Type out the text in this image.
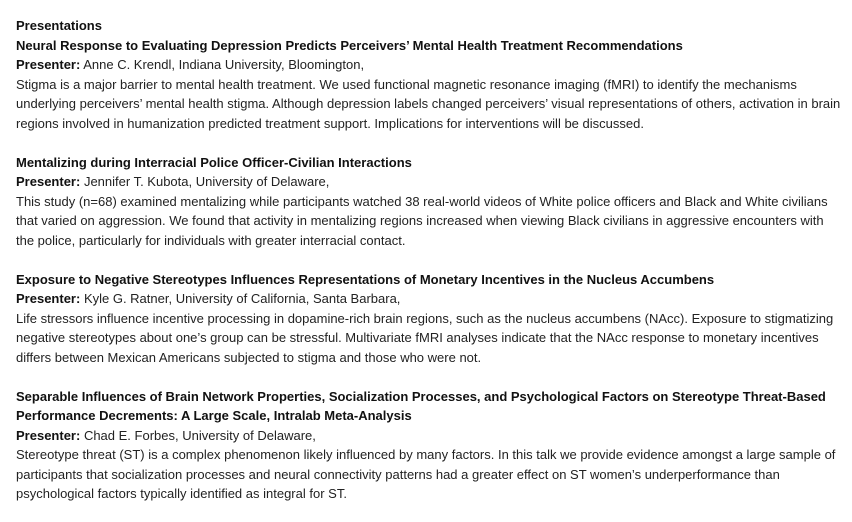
Presentations
Neural Response to Evaluating Depression Predicts Perceivers’ Mental Health Treatment Recommendations
Presenter: Anne C. Krendl, Indiana University, Bloomington,

Stigma is a major barrier to mental health treatment. We used functional magnetic resonance imaging (fMRI) to identify the mechanisms underlying perceivers’ mental health stigma. Although depression labels changed perceivers’ visual representations of others, activation in brain regions involved in humanization predicted treatment support. Implications for interventions will be discussed.

Mentalizing during Interracial Police Officer-Civilian Interactions
Presenter: Jennifer T. Kubota, University of Delaware,

This study (n=68) examined mentalizing while participants watched 38 real-world videos of White police officers and Black and White civilians that varied on aggression. We found that activity in mentalizing regions increased when viewing Black civilians in aggressive encounters with the police, particularly for individuals with greater interracial contact.

Exposure to Negative Stereotypes Influences Representations of Monetary Incentives in the Nucleus Accumbens
Presenter: Kyle G. Ratner, University of California, Santa Barbara,

Life stressors influence incentive processing in dopamine-rich brain regions, such as the nucleus accumbens (NAcc). Exposure to stigmatizing negative stereotypes about one’s group can be stressful. Multivariate fMRI analyses indicate that the NAcc response to monetary incentives differs between Mexican Americans subjected to stigma and those who were not.

Separable Influences of Brain Network Properties, Socialization Processes, and Psychological Factors on Stereotype Threat-Based Performance Decrements: A Large Scale, Intralab Meta-Analysis
Presenter: Chad E. Forbes, University of Delaware,

Stereotype threat (ST) is a complex phenomenon likely influenced by many factors. In this talk we provide evidence amongst a large sample of participants that socialization processes and neural connectivity patterns had a greater effect on ST women’s underperformance than psychological factors typically identified as integral for ST.
